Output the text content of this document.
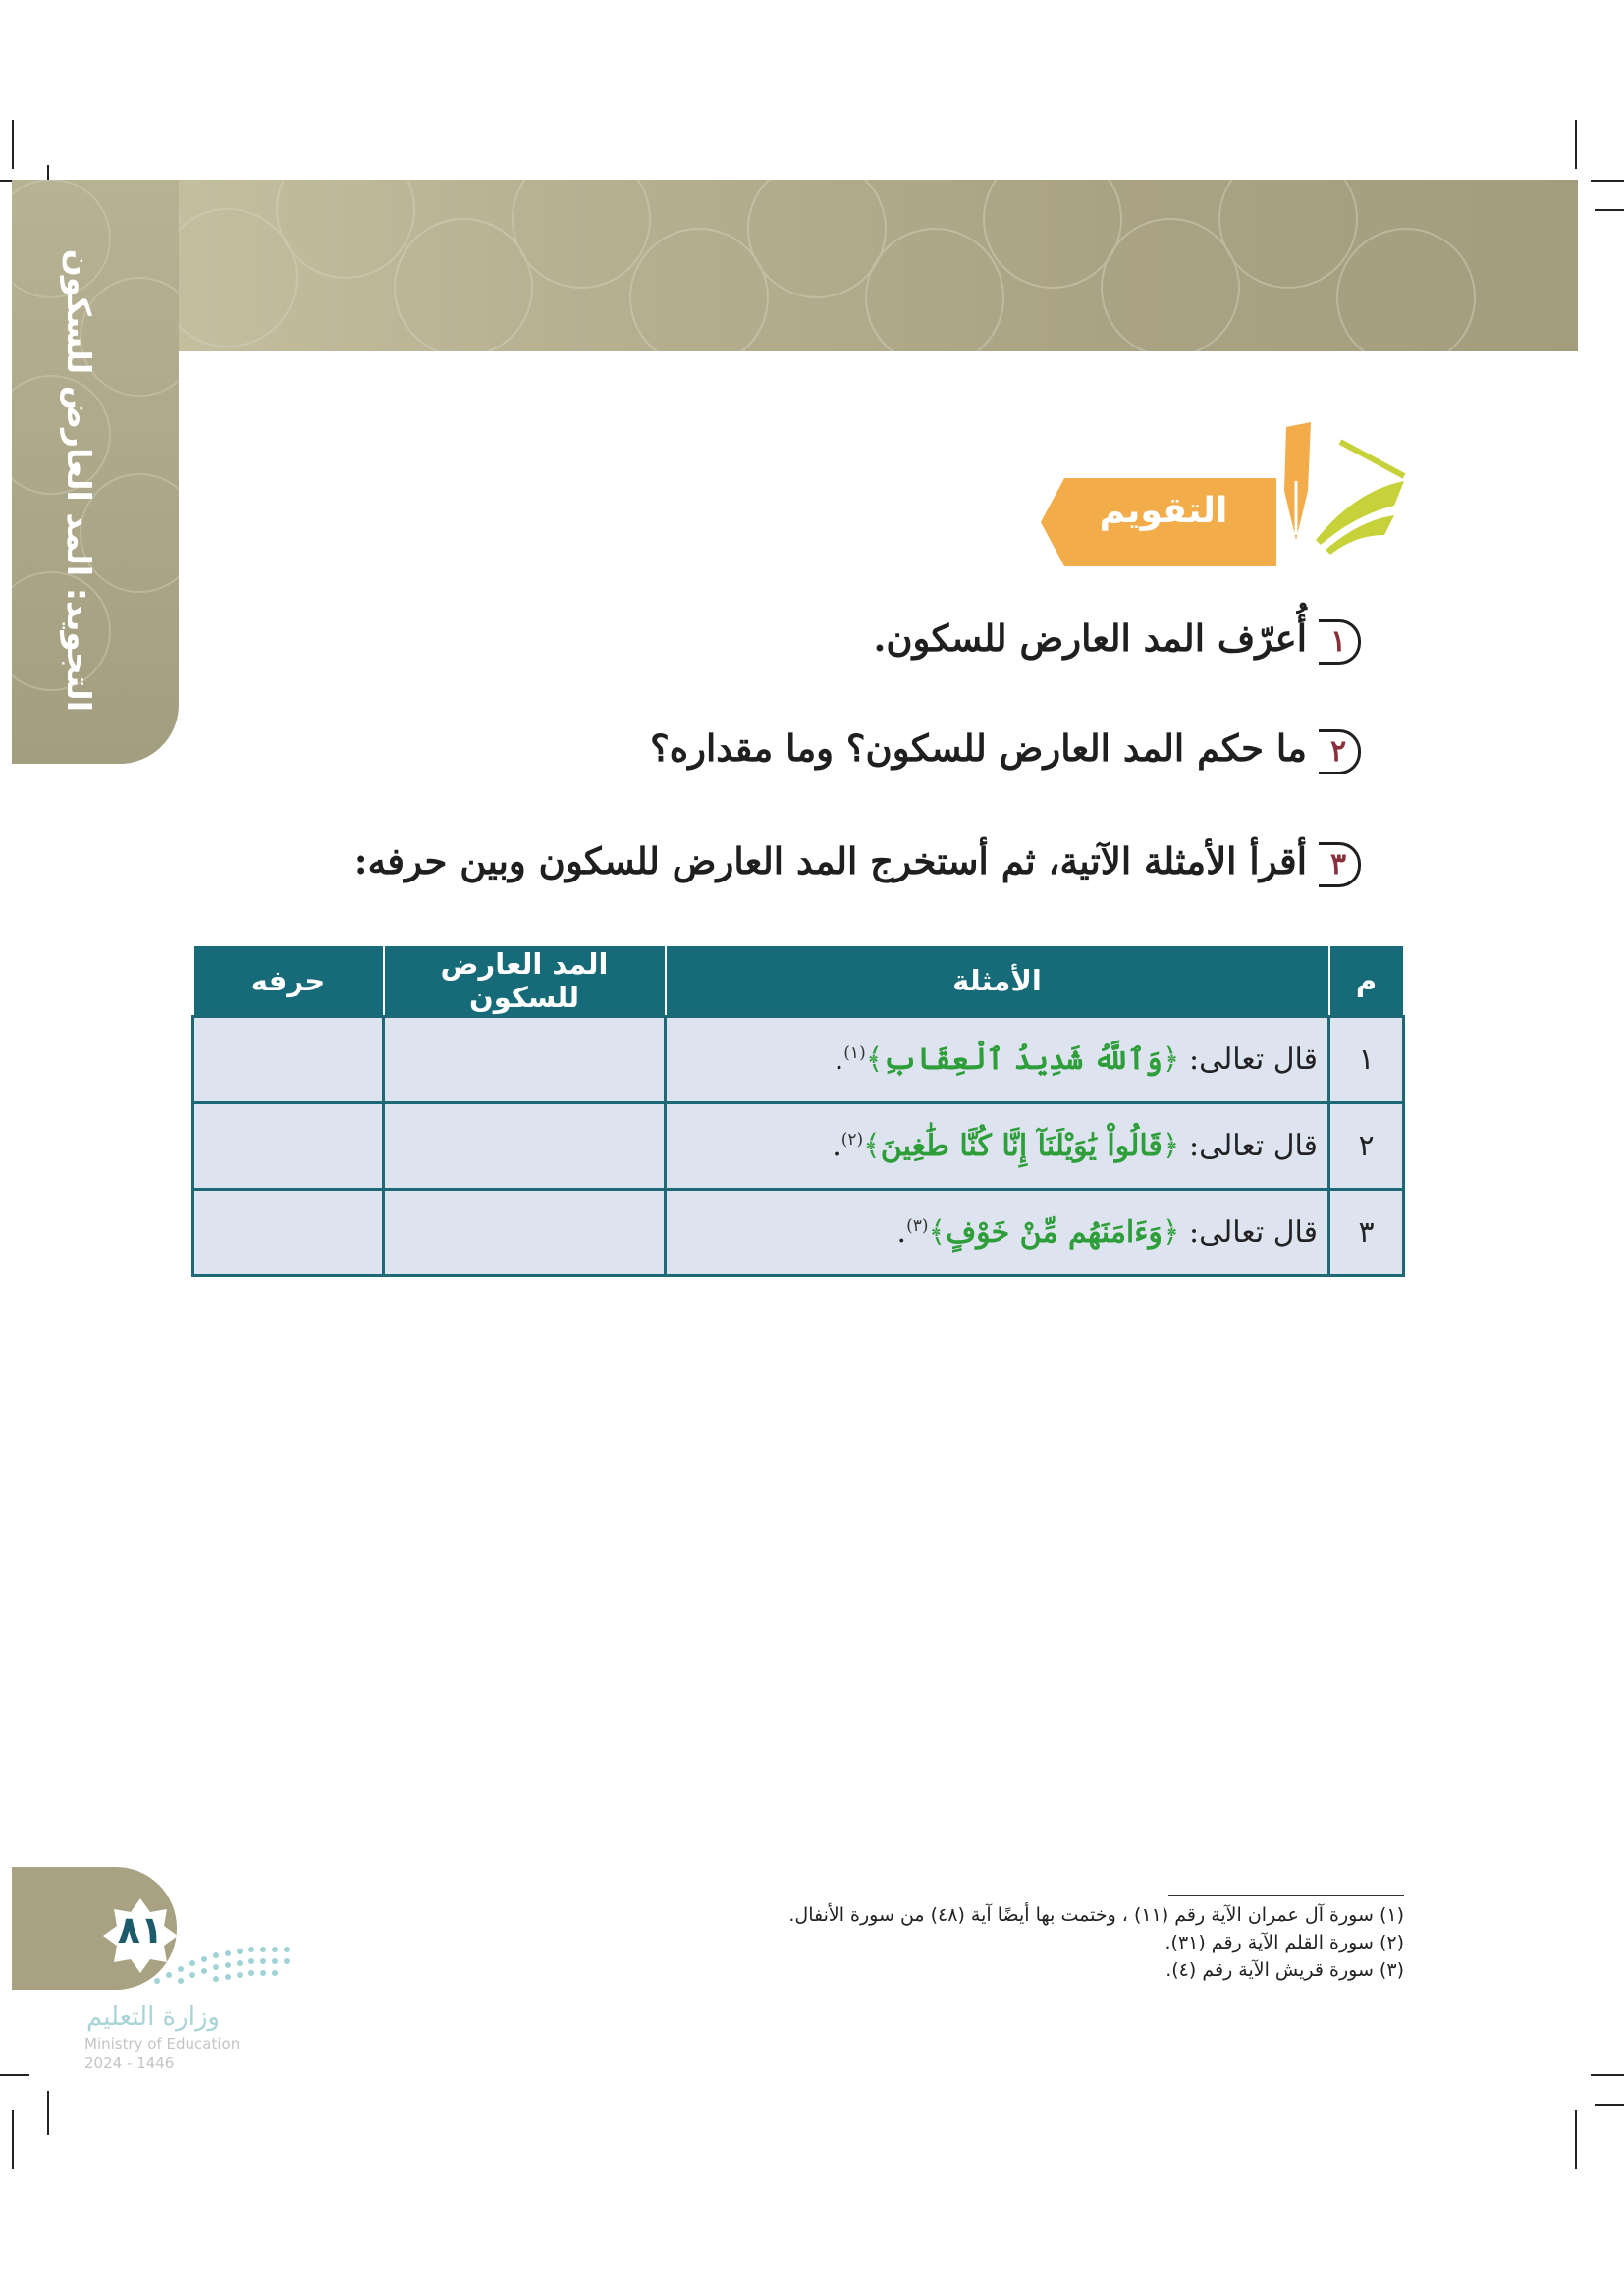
التجويد: المد العارض للسكون	التقويم
١أُعرّف المد العارض للسكون.
٢ما حكم المد العارض للسكون؟ وما مقداره؟
٣أقرأ الأمثلة الآتية، ثم أستخرج المد العارض للسكون وبين حرفه:
م	الأمثلة	المد العارض للسكون	حرفه
١	قال تعالى: ﴿وَٱللَّهُ شَدِيدُ ٱلْعِقَابِ﴾$^{(١)}$.		
٢	قال تعالى: ﴿قَالُواْ يَٰوَيْلَنَآ إِنَّا كُنَّا طَٰغِينَ﴾$^{(٢)}$.		
٣	قال تعالى: ﴿وَءَامَنَهُم مِّنْ خَوْفٍ﴾$^{(٣)}$.		
(١) سورة آل عمران الآية رقم (١١) ، وختمت بها أيضًا آية (٤٨) من سورة الأنفال.
(٢) سورة القلم الآية رقم (٣١).
(٣) سورة قريش الآية رقم (٤).
٨١
وزارة التعليم
Ministry of Education
2024 - 1446
